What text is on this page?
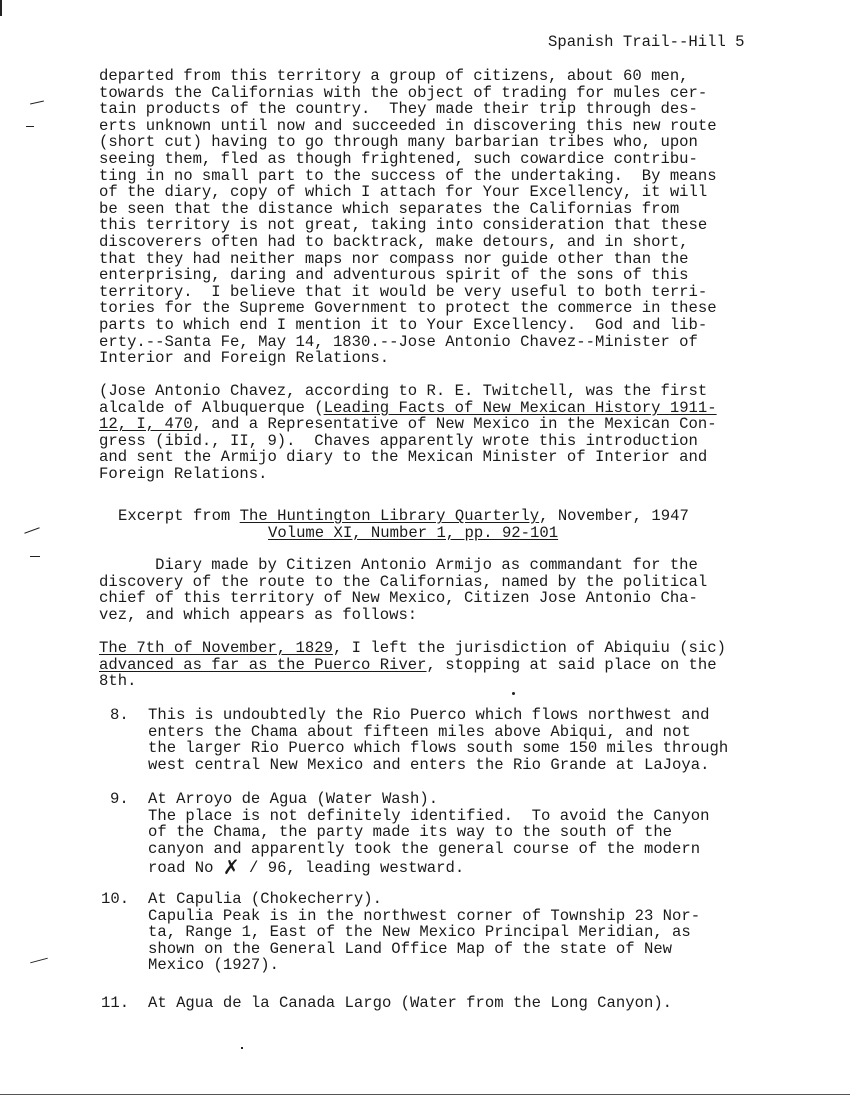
Spanish Trail--Hill 5
departed from this territory a group of citizens, about 60 men,
towards the Californias with the object of trading for mules cer-
tain products of the country.  They made their trip through des-
erts unknown until now and succeeded in discovering this new route
(short cut) having to go through many barbarian tribes who, upon
seeing them, fled as though frightened, such cowardice contribu-
ting in no small part to the success of the undertaking.  By means
of the diary, copy of which I attach for Your Excellency, it will
be seen that the distance which separates the Californias from
this territory is not great, taking into consideration that these
discoverers often had to backtrack, make detours, and in short,
that they had neither maps nor compass nor guide other than the
enterprising, daring and adventurous spirit of the sons of this
territory.  I believe that it would be very useful to both terri-
tories for the Supreme Government to protect the commerce in these
parts to which end I mention it to Your Excellency.  God and lib-
erty.--Santa Fe, May 14, 1830.--Jose Antonio Chavez--Minister of
Interior and Foreign Relations.
(Jose Antonio Chavez, according to R. E. Twitchell, was the first
alcalde of Albuquerque (Leading Facts of New Mexican History 1911-
12, I, 470, and a Representative of New Mexico in the Mexican Con-
gress (ibid., II, 9).  Chaves apparently wrote this introduction
and sent the Armijo diary to the Mexican Minister of Interior and
Foreign Relations.
Excerpt from The Huntington Library Quarterly, November, 1947
Volume XI, Number 1, pp. 92-101
Diary made by Citizen Antonio Armijo as commandant for the
discovery of the route to the Californias, named by the political
chief of this territory of New Mexico, Citizen Jose Antonio Cha-
vez, and which appears as follows:
The 7th of November, 1829, I left the jurisdiction of Abiquiu (sic)
advanced as far as the Puerco River, stopping at said place on the
8th.
8. This is undoubtedly the Rio Puerco which flows northwest and
enters the Chama about fifteen miles above Abiqui, and not
the larger Rio Puerco which flows south some 150 miles through
west central New Mexico and enters the Rio Grande at LaJoya.
9. At Arroyo de Agua (Water Wash).
The place is not definitely identified.  To avoid the Canyon
of the Chama, the party made its way to the south of the
canyon and apparently took the general course of the modern
road No ✗ / 96, leading westward.
10. At Capulia (Chokecherry).
Capulia Peak is in the northwest corner of Township 23 Nor-
ta, Range 1, East of the New Mexico Principal Meridian, as
shown on the General Land Office Map of the state of New
Mexico (1927).
11. At Agua de la Canada Largo (Water from the Long Canyon).
